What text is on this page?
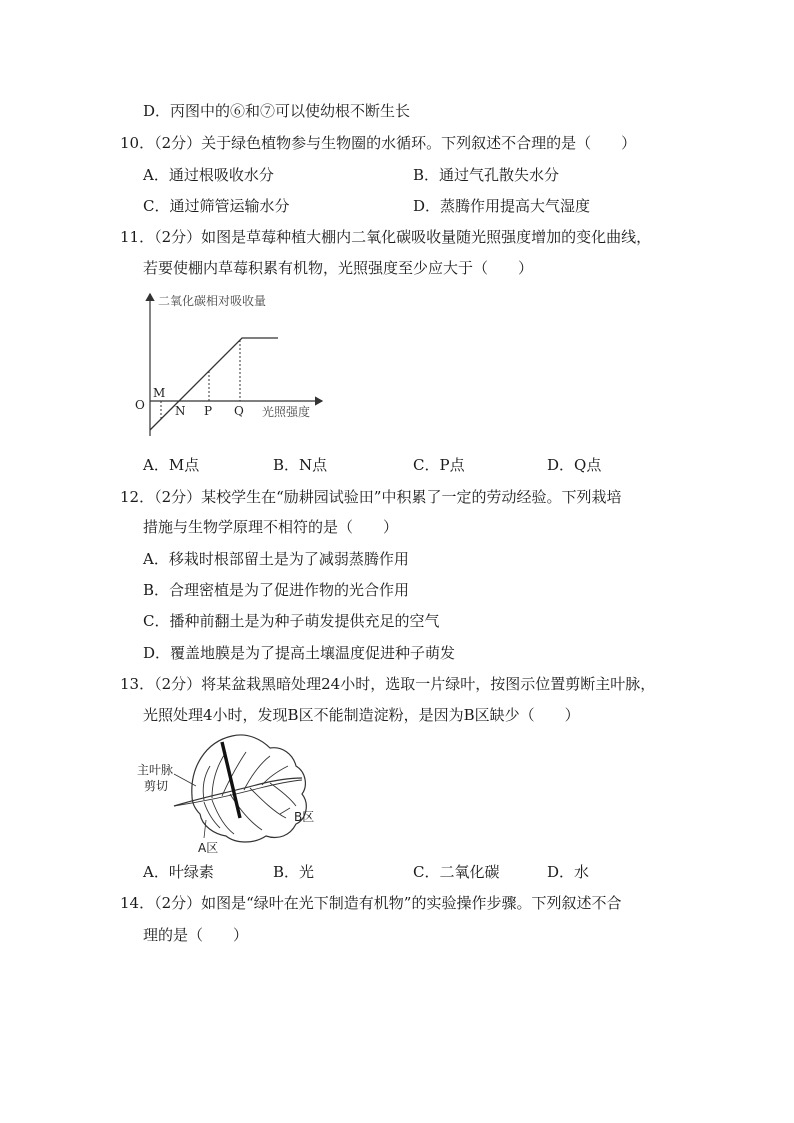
D．丙图中的⑥和⑦可以使幼根不断生长
10．（2分）关于绿色植物参与生物圈的水循环。下列叙述不合理的是（　　）
A．通过根吸收水分	B．通过气孔散失水分
C．通过筛管运输水分	D．蒸腾作用提高大气湿度
11．（2分）如图是草莓种植大棚内二氧化碳吸收量随光照强度增加的变化曲线，
若要使棚内草莓积累有机物，光照强度至少应大于（　　）
二氧化碳相对吸收量
O
M
N P Q 光照强度
A．M点	B．N点	C．P点	D．Q点
12．（2分）某校学生在“励耕园试验田”中积累了一定的劳动经验。下列栽培
措施与生物学原理不相符的是（　　）
A．移栽时根部留土是为了减弱蒸腾作用
B．合理密植是为了促进作物的光合作用
C．播种前翻土是为种子萌发提供充足的空气
D．覆盖地膜是为了提高土壤温度促进种子萌发
13．（2分）将某盆栽黑暗处理24小时，选取一片绿叶，按图示位置剪断主叶脉，
光照处理4小时，发现B区不能制造淀粉，是因为B区缺少（　　）
主叶脉
剪切
B区
A区
A．叶绿素	B．光	C．二氧化碳	D．水
14．（2分）如图是“绿叶在光下制造有机物”的实验操作步骤。下列叙述不合
理的是（　　）
